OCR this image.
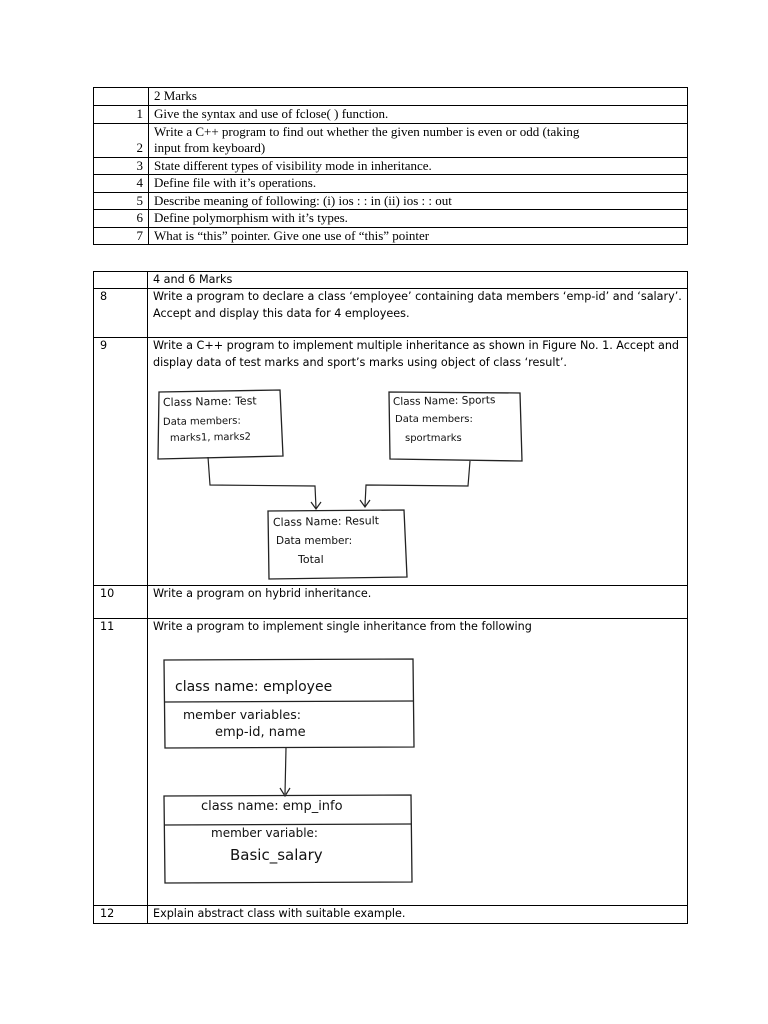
	2 Marks
1	Give the syntax and use of fclose( ) function.
2	Write a C++ program to find out whether the given number is even or odd (taking
input from keyboard)
3	State different types of visibility mode in inheritance.
4	Define file with it’s operations.
5	Describe meaning of following: (i) ios : : in (ii) ios : : out
6	Define polymorphism with it’s types.
7	What is “this” pointer. Give one use of “this” pointer
	4 and 6 Marks
8	Write a program to declare a class ‘employee’ containing data members ‘emp-id’ and ‘salary’. Accept and display this data for 4 employees.
9	Write a C++ program to implement multiple inheritance as shown in Figure No. 1. Accept and display data of test marks and sport’s marks using object of class ‘result’.
10	Write a program on hybrid inheritance.
11	Write a program to implement single inheritance from the following
12	Explain abstract class with suitable example.
Class Name: Test
Data members:
marks1, marks2
Class Name: Sports
Data members:
sportmarks
Class Name: Result
Data member:
Total
class name: employee
member variables:
emp-id, name
class name: emp_info
member variable:
Basic_salary
